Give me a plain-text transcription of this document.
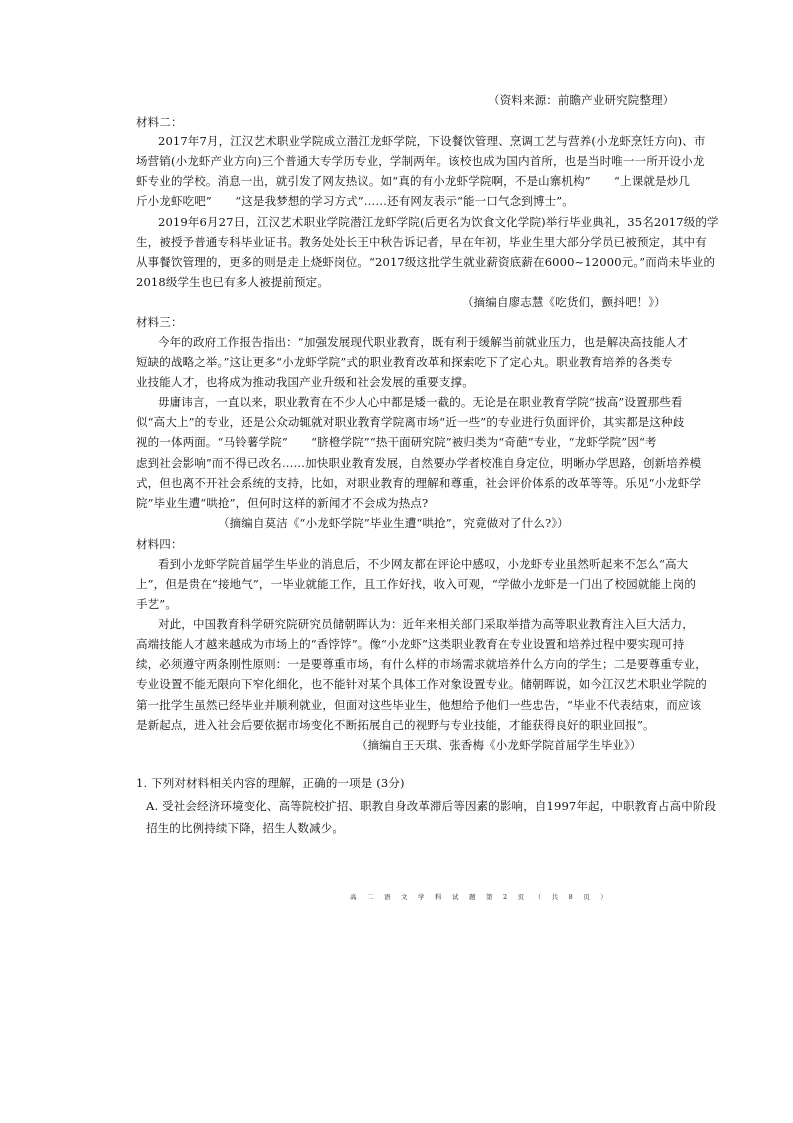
（资料来源：前瞻产业研究院整理）
材料二：
2017年7月，江汉艺术职业学院成立潜江龙虾学院，下设餐饮管理、烹调工艺与营养(小龙虾烹饪方向)、市
场营销(小龙虾产业方向)三个普通大专学历专业，学制两年。该校也成为国内首所，也是当时唯一一所开设小龙
虾专业的学校。消息一出，就引发了网友热议。如“真的有小龙虾学院啊，不是山寨机构”　　“上课就是炒几
斤小龙虾吃吧”　　“这是我梦想的学习方式”……还有网友表示“能一口气念到博士”。
2019年6月27日，江汉艺术职业学院潜江龙虾学院(后更名为饮食文化学院)举行毕业典礼，35名2017级的学
生，被授予普通专科毕业证书。教务处处长王中秋告诉记者，早在年初，毕业生里大部分学员已被预定，其中有
从事餐饮管理的，更多的则是走上烧虾岗位。“2017级这批学生就业薪资底薪在6000~12000元。”而尚未毕业的
2018级学生也已有多人被提前预定。
（摘编自廖志慧《吃货们，颤抖吧！》）
材料三：
今年的政府工作报告指出：“加强发展现代职业教育，既有利于缓解当前就业压力，也是解决高技能人才
短缺的战略之举。”这让更多“小龙虾学院”式的职业教育改革和探索吃下了定心丸。职业教育培养的各类专
业技能人才，也将成为推动我国产业升级和社会发展的重要支撑。
毋庸讳言，一直以来，职业教育在不少人心中都是矮一截的。无论是在职业教育学院“拔高”设置那些看
似“高大上”的专业，还是公众动辄就对职业教育学院离市场“近一些”的专业进行负面评价，其实都是这种歧
视的一体两面。“马铃薯学院”　　“脐橙学院”“热干面研究院”被归类为“奇葩”专业，“龙虾学院”因“考
虑到社会影响”而不得已改名……加快职业教育发展，自然要办学者校准自身定位，明晰办学思路，创新培养模
式，但也离不开社会系统的支持，比如，对职业教育的理解和尊重，社会评价体系的改革等等。乐见“小龙虾学
院”毕业生遭“哄抢”，但何时这样的新闻才不会成为热点?
（摘编自莫洁《“小龙虾学院”毕业生遭“哄抢”，究竟做对了什么?》）
材料四：
看到小龙虾学院首届学生毕业的消息后，不少网友都在评论中感叹，小龙虾专业虽然听起来不怎么“高大
上”，但是贵在“接地气”，一毕业就能工作，且工作好找，收入可观，“学做小龙虾是一门出了校园就能上岗的
手艺”。
对此，中国教育科学研究院研究员储朝晖认为：近年来相关部门采取举措为高等职业教育注入巨大活力，
高端技能人才越来越成为市场上的“香饽饽”。像“小龙虾”这类职业教育在专业设置和培养过程中要实现可持
续，必须遵守两条刚性原则：一是要尊重市场，有什么样的市场需求就培养什么方向的学生；二是要尊重专业，
专业设置不能无限向下窄化细化，也不能针对某个具体工作对象设置专业。储朝晖说，如今江汉艺术职业学院的
第一批学生虽然已经毕业并顺利就业，但面对这些毕业生，他想给予他们一些忠告，“毕业不代表结束，而应该
是新起点，进入社会后要依据市场变化不断拓展自己的视野与专业技能，才能获得良好的职业回报”。
（摘编自王天琪、张香梅《小龙虾学院首届学生毕业》）
1. 下列对材料相关内容的理解，正确的一项是 (3分)
A. 受社会经济环境变化、高等院校扩招、职教自身改革滞后等因素的影响，自1997年起，中职教育占高中阶段
招生的比例持续下降，招生人数减少。
高二语文学科试题第2页（共8页）
